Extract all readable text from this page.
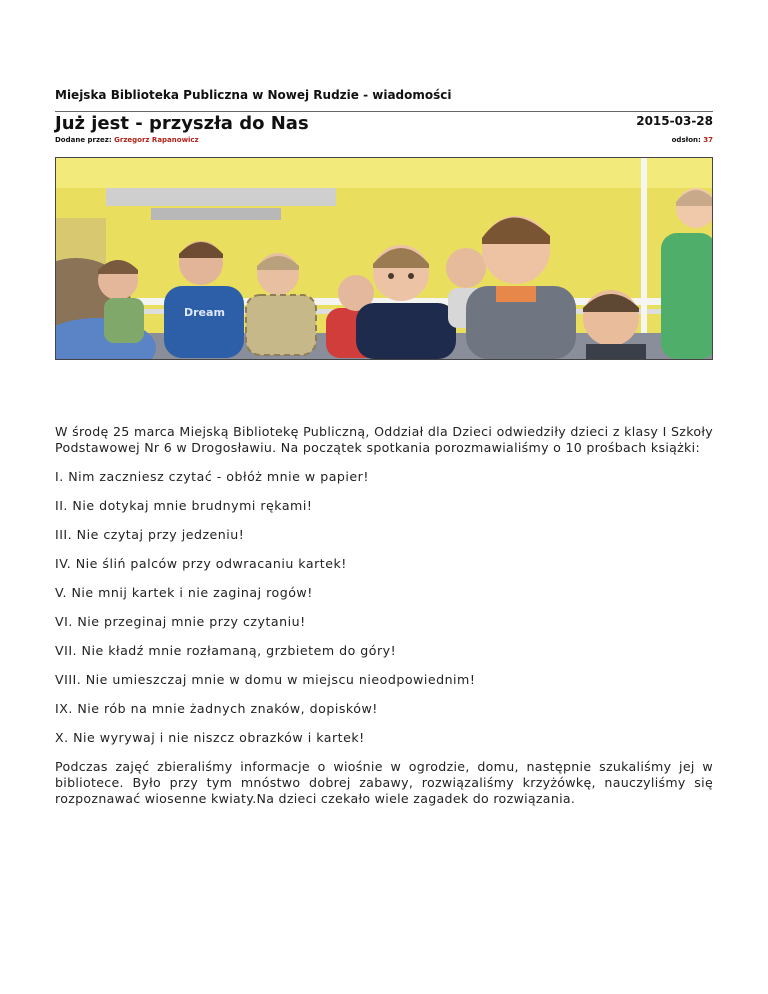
Miejska Biblioteka Publiczna w Nowej Rudzie - wiadomości
Już jest - przyszła do Nas	2015-03-28
Dodane przez: Grzegorz Rapanowicz	odsłon: 37
Dream

W środę 25 marca Miejską Bibliotekę Publiczną, Oddział dla Dzieci odwiedziły dzieci z klasy I Szkoły Podstawowej Nr 6 w Drogosławiu. Na początek spotkania porozmawialiśmy o 10 prośbach książki:

I. Nim zaczniesz czytać - obłóż mnie w papier!

II. Nie dotykaj mnie brudnymi rękami!

III. Nie czytaj przy jedzeniu!

IV. Nie śliń palców przy odwracaniu kartek!

V. Nie mnij kartek i nie zaginaj rogów!

VI. Nie przeginaj mnie przy czytaniu!

VII. Nie kładź mnie rozłamaną, grzbietem do góry!

VIII. Nie umieszczaj mnie w domu w miejscu nieodpowiednim!

IX. Nie rób na mnie żadnych znaków, dopisków!

X. Nie wyrywaj i nie niszcz obrazków i kartek!

Podczas zajęć zbieraliśmy informacje o wiośnie w ogrodzie, domu, następnie szukaliśmy jej w bibliotece. Było przy tym mnóstwo dobrej zabawy, rozwiązaliśmy krzyżówkę, nauczyliśmy się rozpoznawać wiosenne kwiaty.Na dzieci czekało wiele zagadek do rozwiązania.
